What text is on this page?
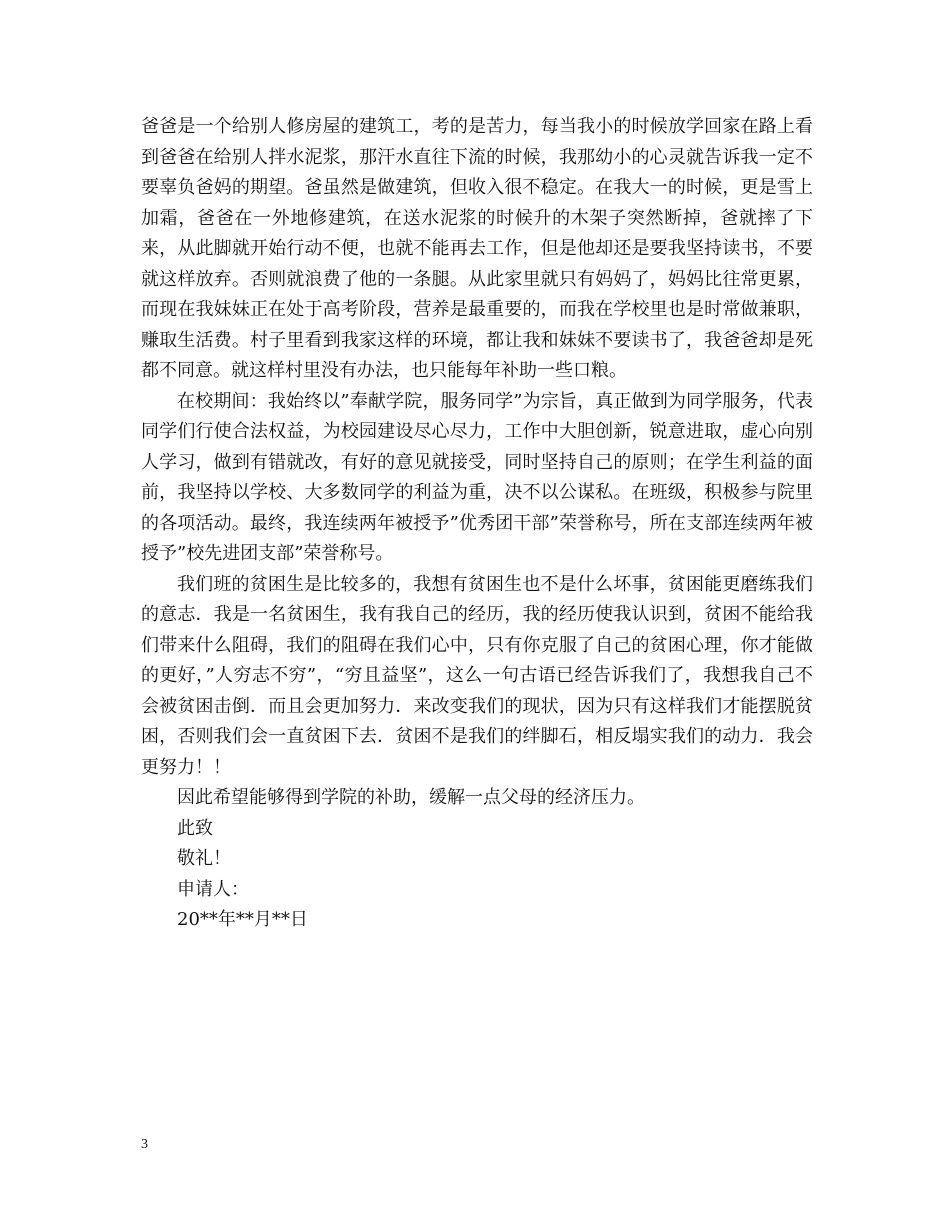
爸爸是一个给别人修房屋的建筑工，考的是苦力，每当我小的时候放学回家在路上看到爸爸在给别人拌水泥浆，那汗水直往下流的时候，我那幼小的心灵就告诉我一定不要辜负爸妈的期望。爸虽然是做建筑，但收入很不稳定。在我大一的时候，更是雪上加霜，爸爸在一外地修建筑，在送水泥浆的时候升的木架子突然断掉，爸就摔了下来，从此脚就开始行动不便，也就不能再去工作，但是他却还是要我坚持读书，不要就这样放弃。否则就浪费了他的一条腿。从此家里就只有妈妈了，妈妈比往常更累，而现在我妹妹正在处于高考阶段，营养是最重要的，而我在学校里也是时常做兼职，赚取生活费。村子里看到我家这样的环境，都让我和妹妹不要读书了，我爸爸却是死都不同意。就这样村里没有办法，也只能每年补助一些口粮。

在校期间：我始终以”奉献学院，服务同学”为宗旨，真正做到为同学服务，代表同学们行使合法权益，为校园建设尽心尽力，工作中大胆创新，锐意进取，虚心向别人学习，做到有错就改，有好的意见就接受，同时坚持自己的原则；在学生利益的面前，我坚持以学校、大多数同学的利益为重，决不以公谋私。在班级，积极参与院里的各项活动。最终，我连续两年被授予”优秀团干部”荣誉称号，所在支部连续两年被授予”校先进团支部”荣誉称号。

我们班的贫困生是比较多的，我想有贫困生也不是什么坏事，贫困能更磨练我们的意志．我是一名贫困生，我有我自己的经历，我的经历使我认识到，贫困不能给我们带来什么阻碍，我们的阻碍在我们心中，只有你克服了自己的贫困心理，你才能做的更好，”人穷志不穷”，“穷且益坚”，这么一句古语已经告诉我们了，我想我自己不会被贫困击倒．而且会更加努力．来改变我们的现状，因为只有这样我们才能摆脱贫困，否则我们会一直贫困下去．贫困不是我们的绊脚石，相反塌实我们的动力．我会更努力！！

因此希望能够得到学院的补助，缓解一点父母的经济压力。

此致

敬礼！

申请人：

20**年**月**日

3
